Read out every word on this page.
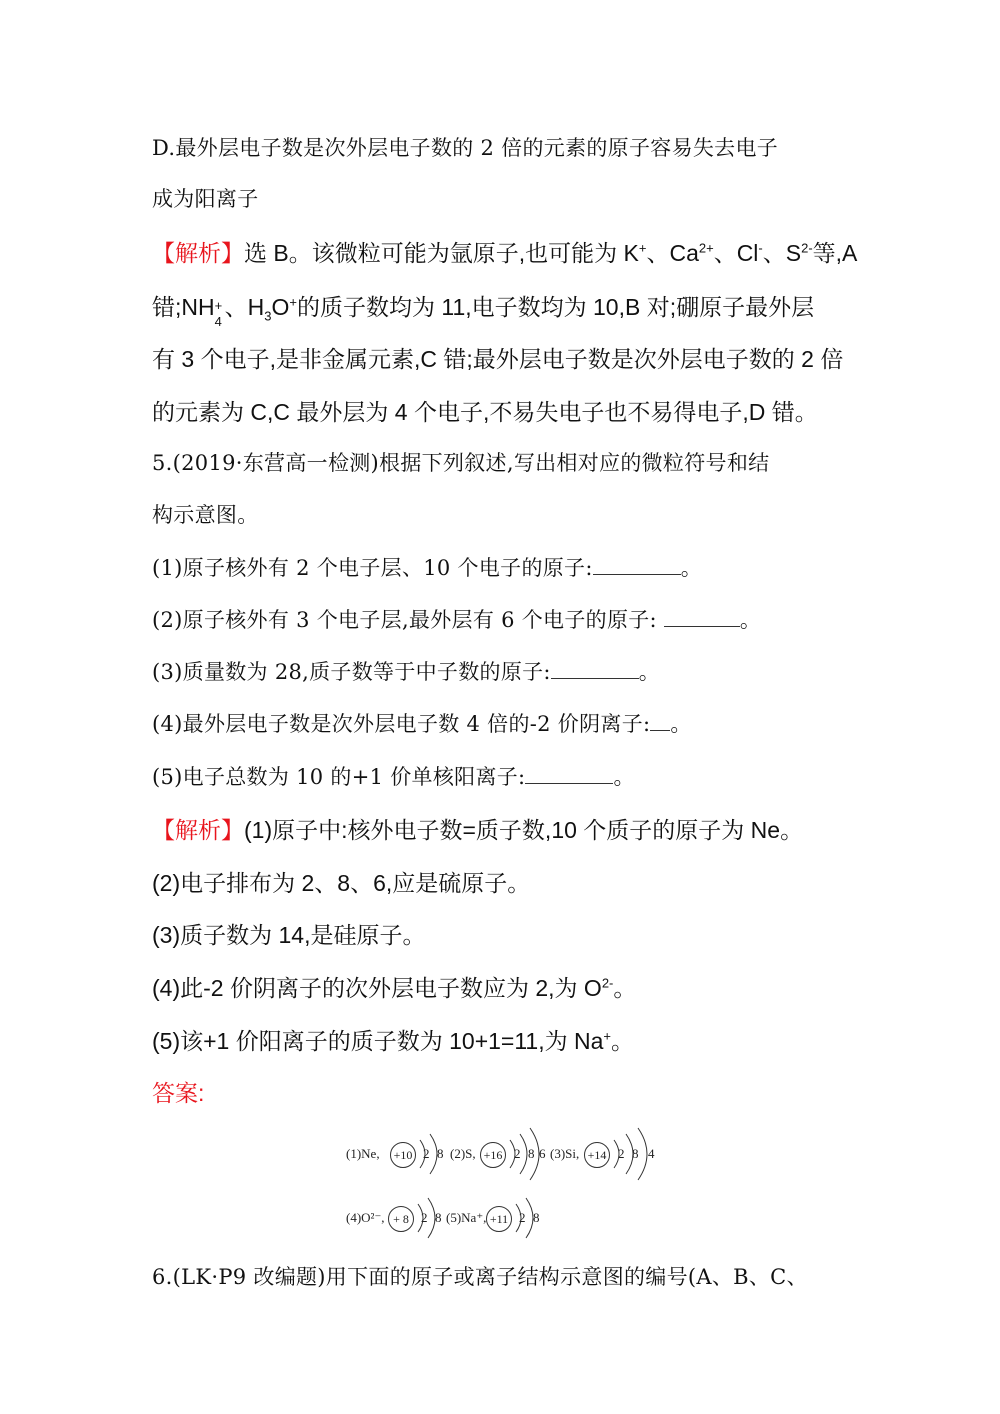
D.最外层电子数是次外层电子数的 2 倍的元素的原子容易失去电子
成为阳离子
【解析】选 B。该微粒可能为氩原子,也可能为 K+、$Ca^{2+}$、Cl-、$S^{2-}$等,A
错;NH +
4
、$H_3O^+$的质子数均为 11,电子数均为 10,B 对;硼原子最外层
有 3 个电子,是非金属元素,C 错;最外层电子数是次外层电子数的 2 倍
的元素为 C,C 最外层为 4 个电子,不易失电子也不易得电子,D 错。
5.(2019·东营高一检测)根据下列叙述,写出相对应的微粒符号和结
构示意图。
(1)原子核外有 2 个电子层、10 个电子的原子:	。
(2)原子核外有 3 个电子层,最外层有 6 个电子的原子:	。
(3)质量数为 28,质子数等于中子数的原子:	。
(4)最外层电子数是次外层电子数 4 倍的-2 价阴离子: 。
(5)电子总数为 10 的+1 价单核阳离子:	。
【解析】(1)原子中:核外电子数=质子数,10 个质子的原子为 Ne。
(2)电子排布为 2、8、6,应是硫原子。
(3)质子数为 14,是硅原子。
(4)此-2 价阴离子的次外层电子数应为 2,为 $O^{2-}$。
(5)该+1 价阳离子的质子数为 10+1=11,为 Na+。
答案:
(1)Ne,	+10 2 8 (2)S, +16 2 8 6 (3)Si, +14 2 8 4
(4)O²⁻, + 8 2 8 (5)Na⁺, +11 2 8
6.(LK·P9 改编题)用下面的原子或离子结构示意图的编号(A、B、C、
